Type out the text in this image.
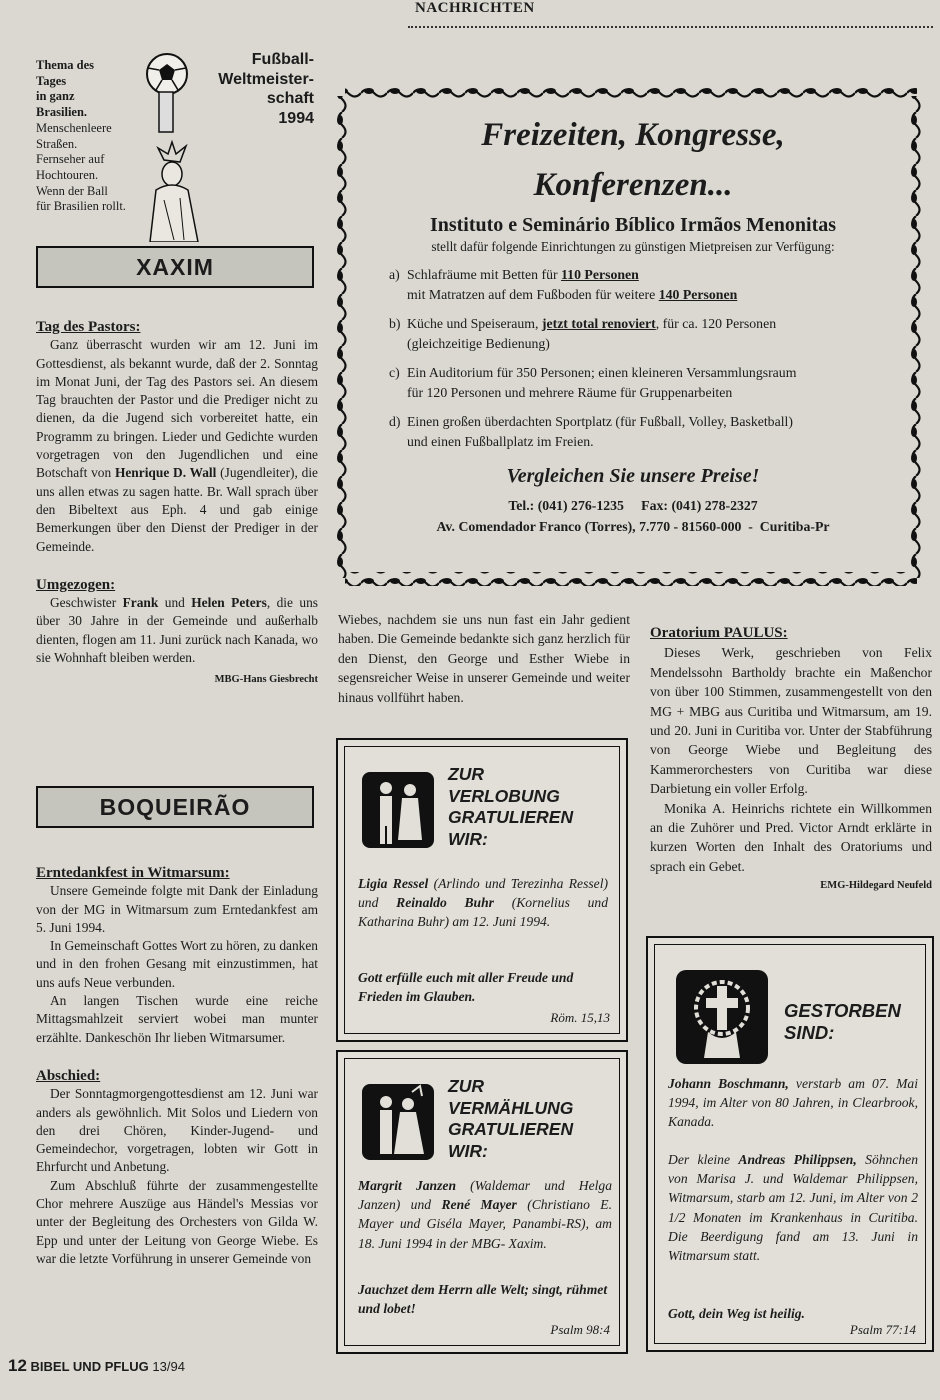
NACHRICHTEN
Thema des
Tages
in ganz
Brasilien.
Menschenleere
Straßen.
Fernseher auf
Hochtouren.
Wenn der Ball
für Brasilien rollt.
Fußball-
Weltmeister-
schaft
1994
XAXIM
Tag des Pastors:

Ganz überrascht wurden wir am 12. Juni im Gottesdienst, als bekannt wurde, daß der 2. Sonntag im Monat Juni, der Tag des Pastors sei. An diesem Tag brauchten der Pastor und die Prediger nicht zu dienen, da die Jugend sich vorbereitet hatte, ein Programm zu bringen. Lieder und Gedichte wurden vorgetragen von den Jugendlichen und eine Botschaft von Henrique D. Wall (Jugendleiter), die uns allen etwas zu sagen hatte. Br. Wall sprach über den Bibeltext aus Eph. 4 und gab einige Bemerkungen über den Dienst der Prediger in der Gemeinde.

Umgezogen:

Geschwister Frank und Helen Peters, die uns über 30 Jahre in der Gemeinde und außerhalb dienten, flogen am 11. Juni zurück nach Kanada, wo sie Wohnhaft bleiben werden.

MBG-Hans Giesbrecht
BOQUEIRÃO
Erntedankfest in Witmarsum:

Unsere Gemeinde folgte mit Dank der Einladung von der MG in Witmarsum zum Erntedankfest am 5. Juni 1994.

In Gemeinschaft Gottes Wort zu hören, zu danken und in den frohen Gesang mit einzustimmen, hat uns aufs Neue verbunden.

An langen Tischen wurde eine reiche Mittagsmahlzeit serviert wobei man munter erzählte. Dankeschön Ihr lieben Witmarsumer.

Abschied:

Der Sonntagmorgengottesdienst am 12. Juni war anders als gewöhnlich. Mit Solos und Liedern von den drei Chören, Kinder-Jugend- und Gemeindechor, vorgetragen, lobten wir Gott in Ehrfurcht und Anbetung.

Zum Abschluß führte der zusammengestellte Chor mehrere Auszüge aus Händel's Messias vor unter der Begleitung des Orchesters von Gilda W. Epp und unter der Leitung von George Wiebe. Es war die letzte Vorführung in unserer Gemeinde von

Freizeiten, Kongresse,
Konferenzen...
Instituto e Seminário Bíblico Irmãos Menonitas
stellt dafür folgende Einrichtungen zu günstigen Mietpreisen zur Verfügung:
a) Schlafräume mit Betten für 110 Personen
mit Matratzen auf dem Fußboden für weitere 140 Personen
b) Küche und Speiseraum, jetzt total renoviert, für ca. 120 Personen
(gleichzeitige Bedienung)
c) Ein Auditorium für 350 Personen; einen kleineren Versammlungsraum
für 120 Personen und mehrere Räume für Gruppenarbeiten
d) Einen großen überdachten Sportplatz (für Fußball, Volley, Basketball)
und einen Fußballplatz im Freien.
Vergleichen Sie unsere Preise!
Tel.: (041) 276-1235     Fax: (041) 278-2327
Av. Comendador Franco (Torres), 7.770 - 81560-000  -  Curitiba-Pr
Wiebes, nachdem sie uns nun fast ein Jahr gedient haben. Die Gemeinde bedankte sich ganz herzlich für den Dienst, den George und Esther Wiebe in segensreicher Weise in unserer Gemeinde und weiter hinaus vollführt haben.
ZUR
VERLOBUNG
GRATULIEREN
WIR:
Ligia Ressel (Arlindo und Terezinha Ressel) und Reinaldo Buhr (Kornelius und Katharina Buhr) am 12. Juni 1994.
Gott erfülle euch mit aller Freude und Frieden im Glauben.
Röm. 15,13
ZUR
VERMÄHLUNG
GRATULIEREN
WIR:
Margrit Janzen (Waldemar und Helga Janzen) und René Mayer (Christiano E. Mayer und Giséla Mayer, Panambi-RS), am 18. Juni 1994 in der MBG- Xaxim.
Jauchzet dem Herrn alle Welt; singt, rühmet und lobet!
Psalm 98:4
Oratorium PAULUS:

Dieses Werk, geschrieben von Felix Mendelssohn Bartholdy brachte ein Maßenchor von über 100 Stimmen, zusammengestellt von den MG + MBG aus Curitiba und Witmarsum, am 19. und 20. Juni in Curitiba vor. Unter der Stabführung von George Wiebe und Begleitung des Kammerorchesters von Curitiba war diese Darbietung ein voller Erfolg.

Monika A. Heinrichs richtete ein Willkommen an die Zuhörer und Pred. Victor Arndt erklärte in kurzen Worten den Inhalt des Oratoriums und sprach ein Gebet.

EMG-Hildegard Neufeld
GESTORBEN
SIND:
Johann Boschmann, verstarb am 07. Mai 1994, im Alter von 80 Jahren, in Clearbrook, Kanada.
Der kleine Andreas Philippsen, Söhnchen von Marisa J. und Waldemar Philippsen, Witmarsum, starb am 12. Juni, im Alter von 2 1/2 Monaten im Krankenhaus in Curitiba. Die Beerdigung fand am 13. Juni in Witmarsum statt.
Gott, dein Weg ist heilig.
Psalm 77:14
12 BIBEL UND PFLUG 13/94
